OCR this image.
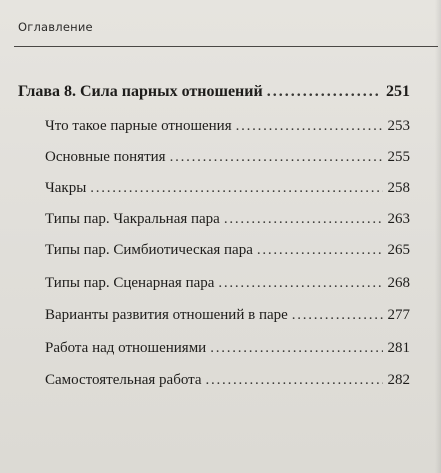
Оглавление
Глава 8. Сила парных отношений . . .	251
Что такое парные отношения . . .	253
Основные понятия . . .	255
Чакры . . .	258
Типы пар. Чакральная пара . . .	263
Типы пар. Симбиотическая пара . . .	265
Типы пар. Сценарная пара . . .	268
Варианты развития отношений в паре . . .	277
Работа над отношениями . . .	281
Самостоятельная работа . . .	282
